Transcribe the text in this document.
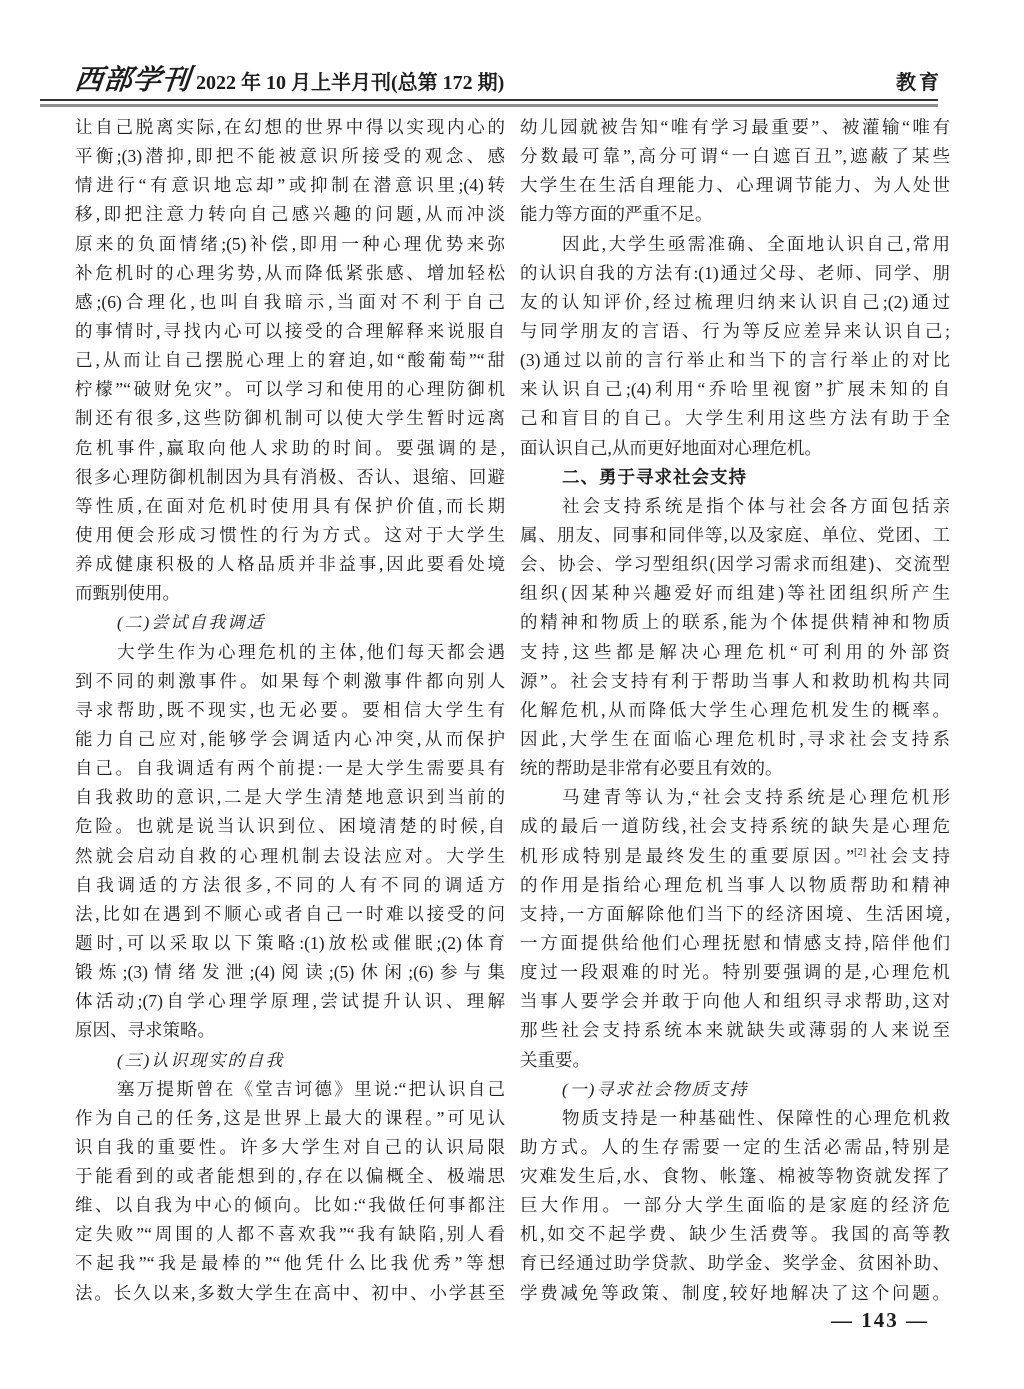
西部学刊 2022 年 10 月上半月刊(总第 172 期)	教育
让自己脱离实际,在幻想的世界中得以实现内心的
平衡;(3)潜抑,即把不能被意识所接受的观念、感
情进行“有意识地忘却”或抑制在潜意识里;(4)转
移,即把注意力转向自己感兴趣的问题,从而冲淡
原来的负面情绪;(5)补偿,即用一种心理优势来弥
补危机时的心理劣势,从而降低紧张感、增加轻松
感;(6)合理化,也叫自我暗示,当面对不利于自己
的事情时,寻找内心可以接受的合理解释来说服自
己,从而让自己摆脱心理上的窘迫,如“酸葡萄”“甜
柠檬”“破财免灾”。可以学习和使用的心理防御机
制还有很多,这些防御机制可以使大学生暂时远离
危机事件,赢取向他人求助的时间。要强调的是,
很多心理防御机制因为具有消极、否认、退缩、回避
等性质,在面对危机时使用具有保护价值,而长期
使用便会形成习惯性的行为方式。这对于大学生
养成健康积极的人格品质并非益事,因此要看处境
而甄别使用。
(二)尝试自我调适
大学生作为心理危机的主体,他们每天都会遇
到不同的刺激事件。如果每个刺激事件都向别人
寻求帮助,既不现实,也无必要。要相信大学生有
能力自己应对,能够学会调适内心冲突,从而保护
自己。自我调适有两个前提:一是大学生需要具有
自我救助的意识,二是大学生清楚地意识到当前的
危险。也就是说当认识到位、困境清楚的时候,自
然就会启动自救的心理机制去设法应对。大学生
自我调适的方法很多,不同的人有不同的调适方
法,比如在遇到不顺心或者自己一时难以接受的问
题时,可以采取以下策略:(1)放松或催眠;(2)体育
锻炼;(3)情绪发泄;(4)阅读;(5)休闲;(6)参与集
体活动;(7)自学心理学原理,尝试提升认识、理解
原因、寻求策略。
(三)认识现实的自我
塞万提斯曾在《堂吉诃德》里说:“把认识自己
作为自己的任务,这是世界上最大的课程。”可见认
识自我的重要性。许多大学生对自己的认识局限
于能看到的或者能想到的,存在以偏概全、极端思
维、以自我为中心的倾向。比如:“我做任何事都注
定失败”“周围的人都不喜欢我”“我有缺陷,别人看
不起我”“我是最棒的”“他凭什么比我优秀”等想
法。长久以来,多数大学生在高中、初中、小学甚至
幼儿园就被告知“唯有学习最重要”、被灌输“唯有
分数最可靠”,高分可谓“一白遮百丑”,遮蔽了某些
大学生在生活自理能力、心理调节能力、为人处世
能力等方面的严重不足。
因此,大学生亟需准确、全面地认识自己,常用
的认识自我的方法有:(1)通过父母、老师、同学、朋
友的认知评价,经过梳理归纳来认识自己;(2)通过
与同学朋友的言语、行为等反应差异来认识自己;
(3)通过以前的言行举止和当下的言行举止的对比
来认识自己;(4)利用“乔哈里视窗”扩展未知的自
己和盲目的自己。大学生利用这些方法有助于全
面认识自己,从而更好地面对心理危机。
二、勇于寻求社会支持
社会支持系统是指个体与社会各方面包括亲
属、朋友、同事和同伴等,以及家庭、单位、党团、工
会、协会、学习型组织(因学习需求而组建)、交流型
组织(因某种兴趣爱好而组建)等社团组织所产生
的精神和物质上的联系,能为个体提供精神和物质
支持,这些都是解决心理危机“可利用的外部资
源”。社会支持有利于帮助当事人和救助机构共同
化解危机,从而降低大学生心理危机发生的概率。
因此,大学生在面临心理危机时,寻求社会支持系
统的帮助是非常有必要且有效的。
马建青等认为,“社会支持系统是心理危机形
成的最后一道防线,社会支持系统的缺失是心理危
机形成特别是最终发生的重要原因。”[2]社会支持
的作用是指给心理危机当事人以物质帮助和精神
支持,一方面解除他们当下的经济困境、生活困境,
一方面提供给他们心理抚慰和情感支持,陪伴他们
度过一段艰难的时光。特别要强调的是,心理危机
当事人要学会并敢于向他人和组织寻求帮助,这对
那些社会支持系统本来就缺失或薄弱的人来说至
关重要。
(一)寻求社会物质支持
物质支持是一种基础性、保障性的心理危机救
助方式。人的生存需要一定的生活必需品,特别是
灾难发生后,水、食物、帐篷、棉被等物资就发挥了
巨大作用。一部分大学生面临的是家庭的经济危
机,如交不起学费、缺少生活费等。我国的高等教
育已经通过助学贷款、助学金、奖学金、贫困补助、
学费减免等政策、制度,较好地解决了这个问题。
— 143 —
